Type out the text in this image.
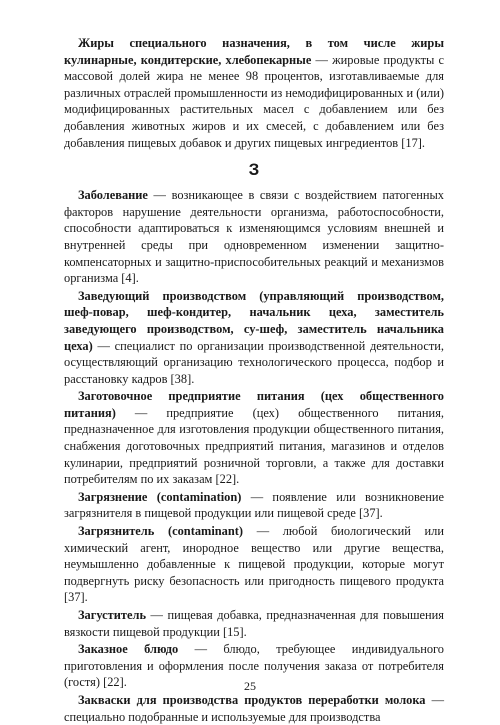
Жиры специального назначения, в том числе жиры кулинарные, кондитерские, хлебопекарные — жировые продукты с массовой долей жира не менее 98 процентов, изготавливаемые для различных отраслей промышленности из немодифицированных и (или) модифицированных растительных масел с добавлением или без добавления животных жиров и их смесей, с добавлением или без добавления пищевых добавок и других пищевых ингредиентов [17].

З

Заболевание — возникающее в связи с воздействием патогенных факторов нарушение деятельности организма, работоспособности, способности адаптироваться к изменяющимся условиям внешней и внутренней среды при одновременном изменении защитно-компенсаторных и защитно-приспособительных реакций и механизмов организма [4].

Заведующий производством (управляющий производством, шеф-повар, шеф-кондитер, начальник цеха, заместитель заведующего производством, су-шеф, заместитель начальника цеха) — специалист по организации производственной деятельности, осуществляющий организацию технологического процесса, подбор и расстановку кадров [38].

Заготовочное предприятие питания (цех общественного питания) — предприятие (цех) общественного питания, предназначенное для изготовления продукции общественного питания, снабжения доготовочных предприятий питания, магазинов и отделов кулинарии, предприятий розничной торговли, а также для доставки потребителям по их заказам [22].

Загрязнение (contamination) — появление или возникновение загрязнителя в пищевой продукции или пищевой среде [37].

Загрязнитель (contaminant) — любой биологический или химический агент, инородное вещество или другие вещества, неумышленно добавленные к пищевой продукции, которые могут подвергнуть риску безопасность или пригодность пищевого продукта [37].

Загуститель — пищевая добавка, предназначенная для повышения вязкости пищевой продукции [15].

Заказное блюдо — блюдо, требующее индивидуального приготовления и оформления после получения заказа от потребителя (гостя) [22].

Закваски для производства продуктов переработки молока — специально подобранные и используемые для производства

25
